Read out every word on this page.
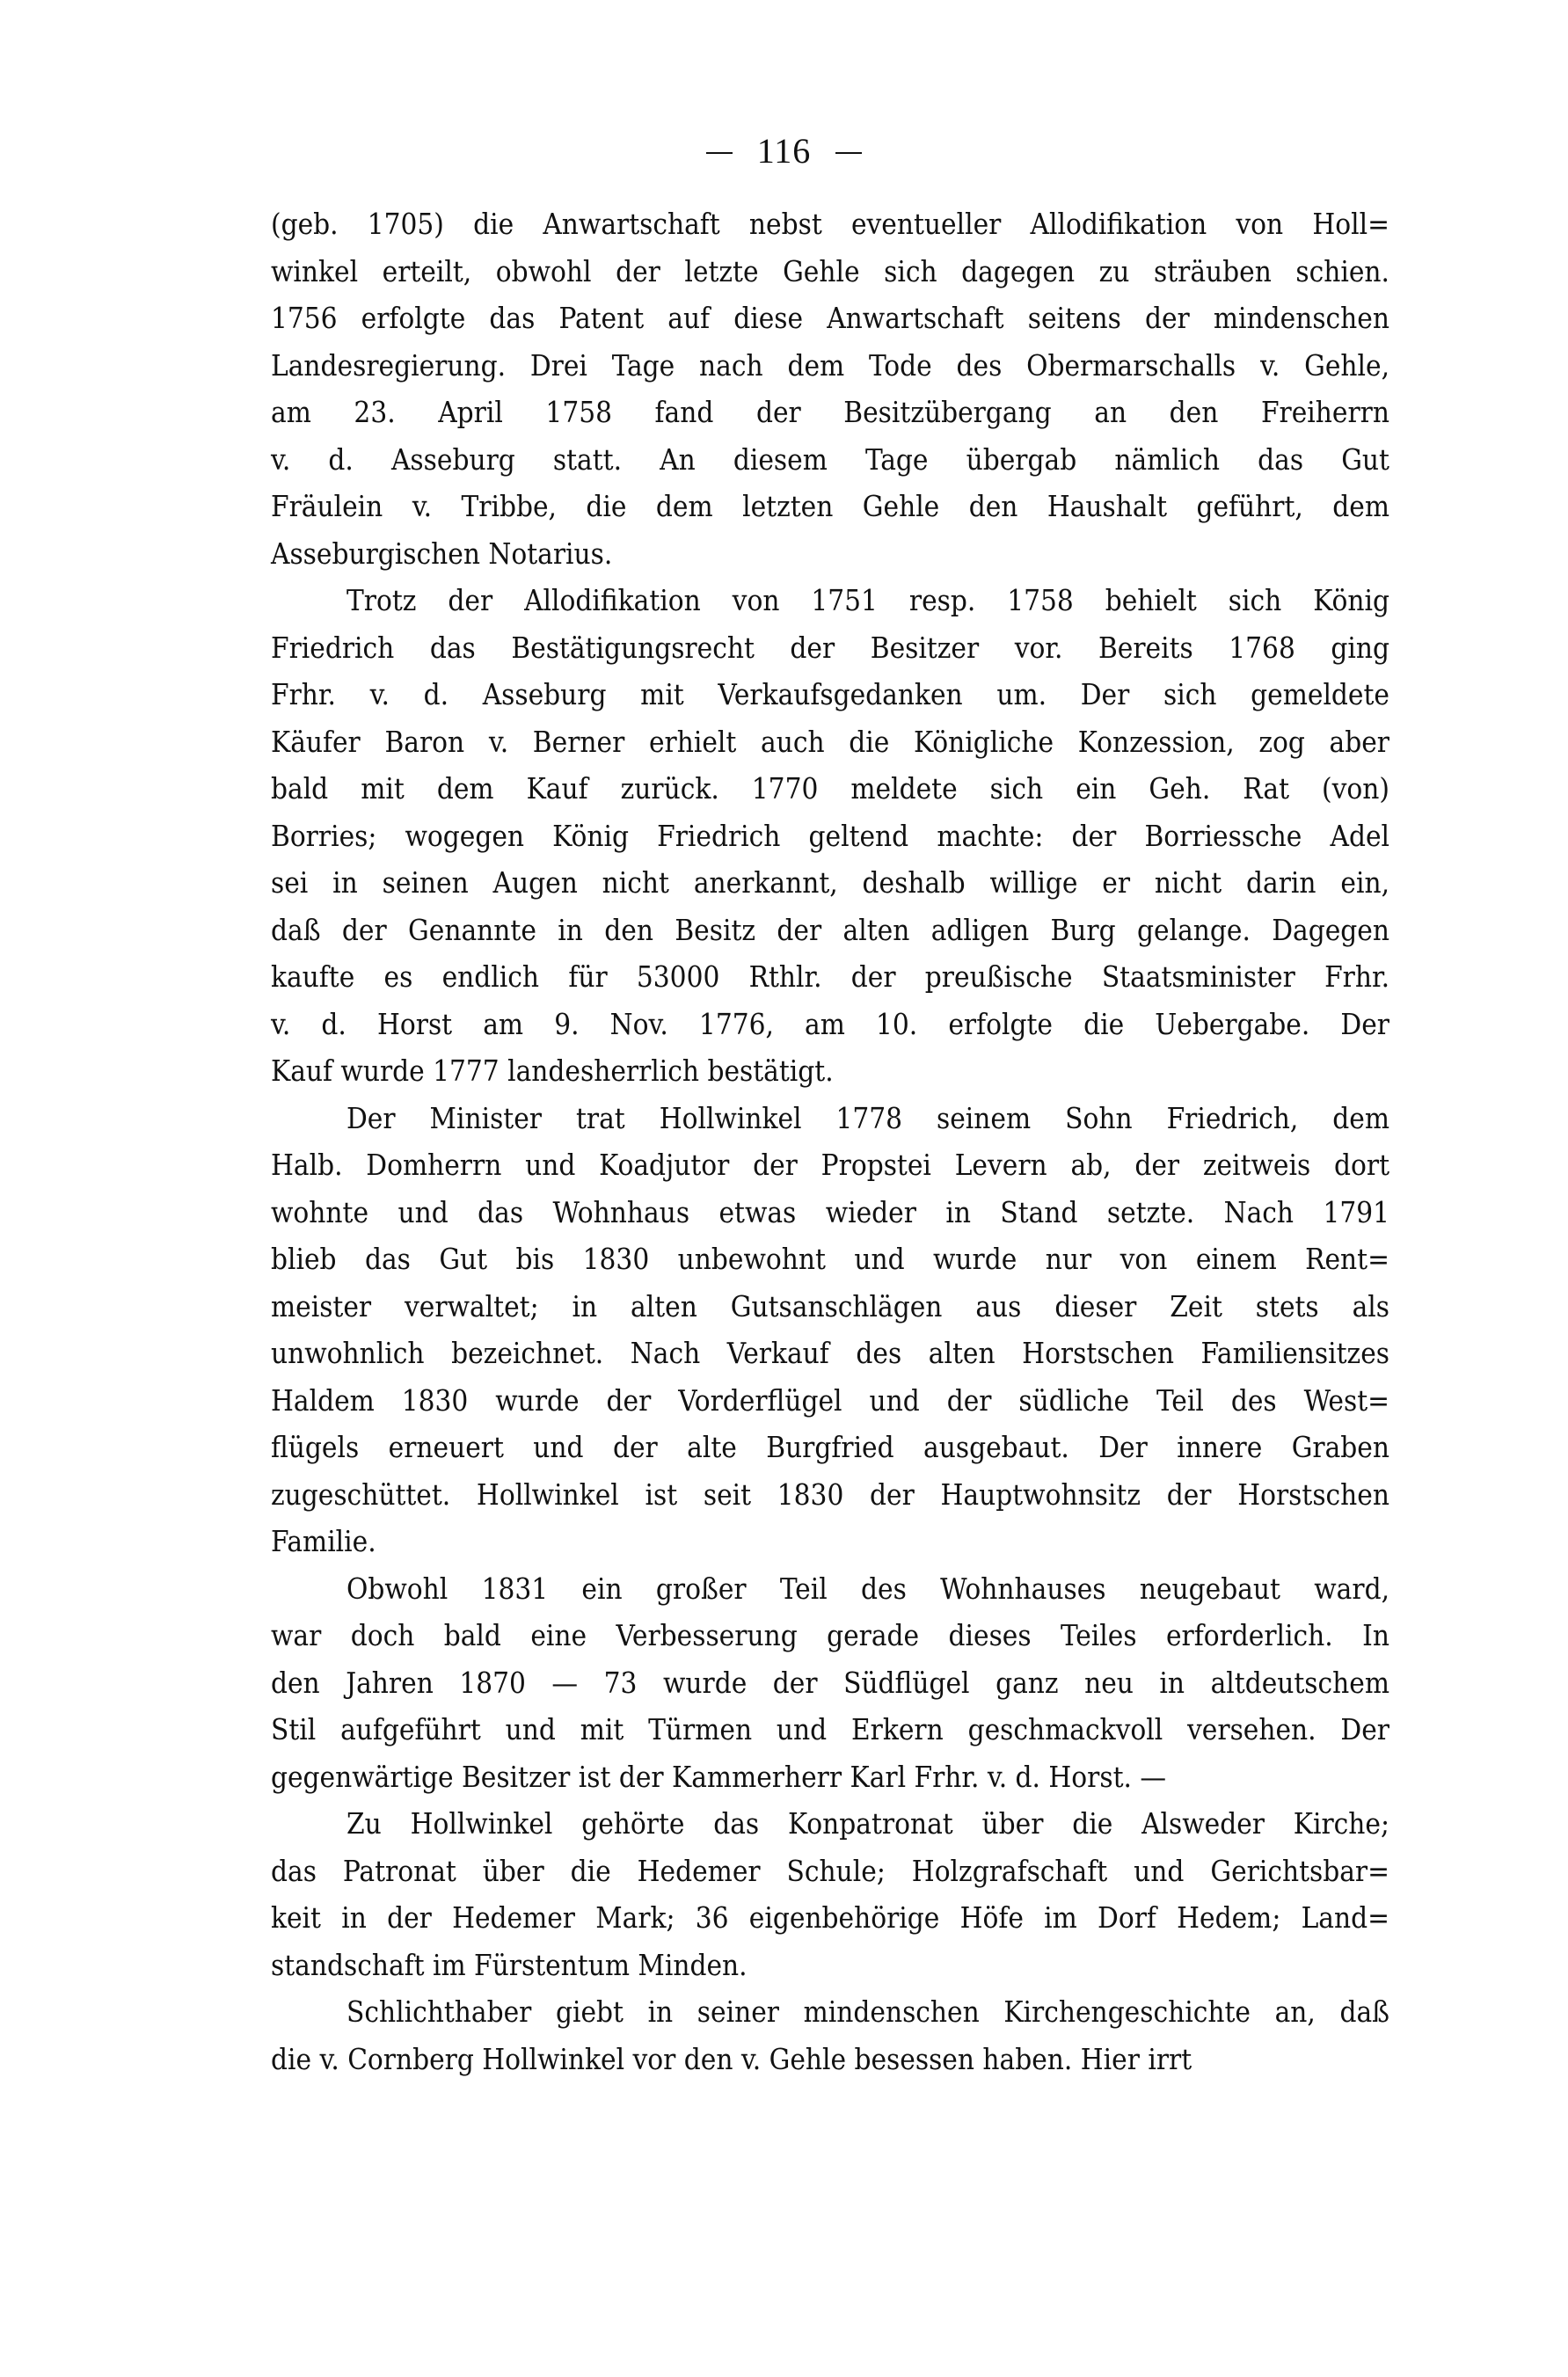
116
(geb. 1705) die Anwartschaft nebst eventueller Allodifikation von Holl=
winkel erteilt, obwohl der letzte Gehle sich dagegen zu sträuben schien.
1756 erfolgte das Patent auf diese Anwartschaft seitens der mindenschen
Landesregierung. Drei Tage nach dem Tode des Obermarschalls v. Gehle,
am 23. April 1758 fand der Besitzübergang an den Freiherrn
v. d. Asseburg statt. An diesem Tage übergab nämlich das Gut
Fräulein v. Tribbe, die dem letzten Gehle den Haushalt geführt, dem
Asseburgischen Notarius.
Trotz der Allodifikation von 1751 resp. 1758 behielt sich König
Friedrich das Bestätigungsrecht der Besitzer vor. Bereits 1768 ging
Frhr. v. d. Asseburg mit Verkaufsgedanken um. Der sich gemeldete
Käufer Baron v. Berner erhielt auch die Königliche Konzession, zog aber
bald mit dem Kauf zurück. 1770 meldete sich ein Geh. Rat (von)
Borries; wogegen König Friedrich geltend machte: der Borriessche Adel
sei in seinen Augen nicht anerkannt, deshalb willige er nicht darin ein,
daß der Genannte in den Besitz der alten adligen Burg gelange. Dagegen
kaufte es endlich für 53000 Rthlr. der preußische Staatsminister Frhr.
v. d. Horst am 9. Nov. 1776, am 10. erfolgte die Uebergabe. Der
Kauf wurde 1777 landesherrlich bestätigt.
Der Minister trat Hollwinkel 1778 seinem Sohn Friedrich, dem
Halb. Domherrn und Koadjutor der Propstei Levern ab, der zeitweis dort
wohnte und das Wohnhaus etwas wieder in Stand setzte. Nach 1791
blieb das Gut bis 1830 unbewohnt und wurde nur von einem Rent=
meister verwaltet; in alten Gutsanschlägen aus dieser Zeit stets als
unwohnlich bezeichnet. Nach Verkauf des alten Horstschen Familiensitzes
Haldem 1830 wurde der Vorderflügel und der südliche Teil des West=
flügels erneuert und der alte Burgfried ausgebaut. Der innere Graben
zugeschüttet. Hollwinkel ist seit 1830 der Hauptwohnsitz der Horstschen
Familie.
Obwohl 1831 ein großer Teil des Wohnhauses neugebaut ward,
war doch bald eine Verbesserung gerade dieses Teiles erforderlich. In
den Jahren 1870 — 73 wurde der Südflügel ganz neu in altdeutschem
Stil aufgeführt und mit Türmen und Erkern geschmackvoll versehen. Der
gegenwärtige Besitzer ist der Kammerherr Karl Frhr. v. d. Horst. —
Zu Hollwinkel gehörte das Konpatronat über die Alsweder Kirche;
das Patronat über die Hedemer Schule; Holzgrafschaft und Gerichtsbar=
keit in der Hedemer Mark; 36 eigenbehörige Höfe im Dorf Hedem; Land=
standschaft im Fürstentum Minden.
Schlichthaber giebt in seiner mindenschen Kirchengeschichte an, daß
die v. Cornberg Hollwinkel vor den v. Gehle besessen haben. Hier irrt
